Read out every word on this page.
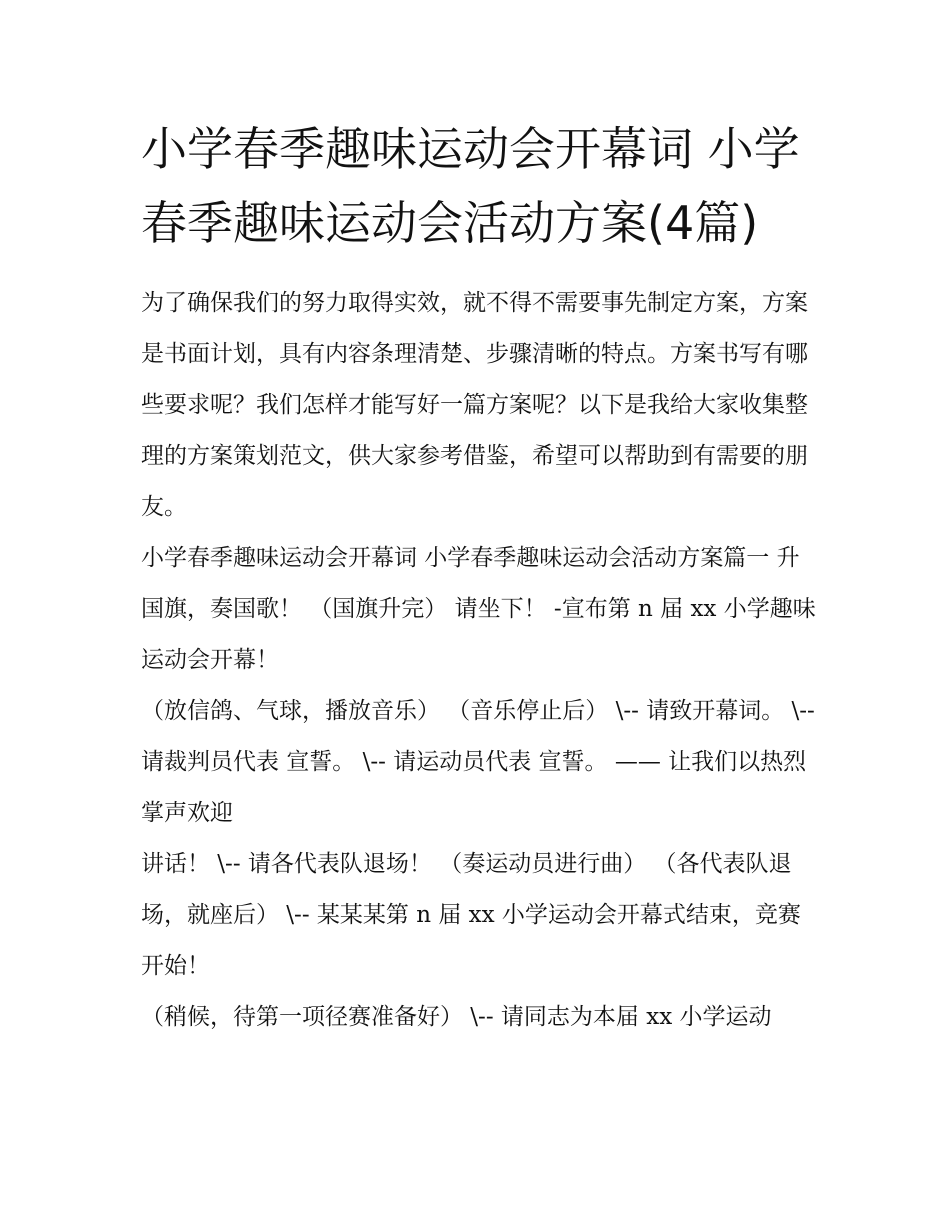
小学春季趣味运动会开幕词 小学春季趣味运动会活动方案(4篇)

为了确保我们的努力取得实效，就不得不需要事先制定方案，方案是书面计划，具有内容条理清楚、步骤清晰的特点。方案书写有哪些要求呢？我们怎样才能写好一篇方案呢？以下是我给大家收集整理的方案策划范文，供大家参考借鉴，希望可以帮助到有需要的朋友。

小学春季趣味运动会开幕词 小学春季趣味运动会活动方案篇一 升国旗，奏国歌！ （国旗升完） 请坐下！ -宣布第 n 届 xx 小学趣味运动会开幕！

（放信鸽、气球，播放音乐） （音乐停止后） \-- 请致开幕词。 \-- 请裁判员代表 宣誓。 \-- 请运动员代表 宣誓。 —— 让我们以热烈掌声欢迎

讲话！ \-- 请各代表队退场！ （奏运动员进行曲） （各代表队退场，就座后） \-- 某某某第 n 届 xx 小学运动会开幕式结束，竞赛开始！

（稍候，待第一项径赛准备好） \-- 请同志为本届 xx 小学运动
